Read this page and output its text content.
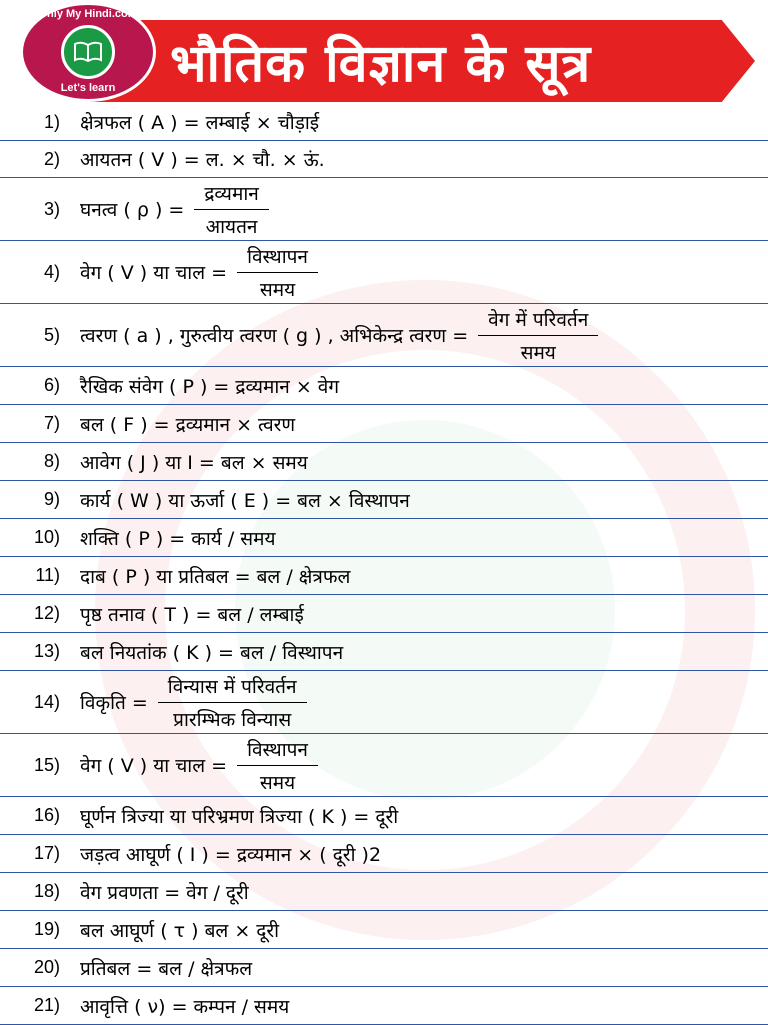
भौतिक विज्ञान के सूत्र
Only My Hindi.com
Let's learn
1) क्षेत्रफल ( A ) = लम्बाई × चौड़ाई
2) आयतन ( V ) = ल. × चौ. × ऊं.
3) घनत्व ( ρ ) = $\frac{\text{द्रव्यमान}}{\text{आयतन}}$
4) वेग ( V ) या चाल = $\frac{\text{विस्थापन}}{\text{समय}}$
5) त्वरण ( a ) , गुरुत्वीय त्वरण ( g ) , अभिकेन्द्र त्वरण = $\frac{\text{वेग में परिवर्तन}}{\text{समय}}$
6) रैखिक संवेग ( P ) = द्रव्यमान × वेग
7) बल ( F ) = द्रव्यमान × त्वरण
8) आवेग ( J ) या I = बल × समय
9) कार्य ( W ) या ऊर्जा ( E ) = बल × विस्थापन
10) शक्ति ( P ) = कार्य / समय
11) दाब ( P ) या प्रतिबल = बल / क्षेत्रफल
12) पृष्ठ तनाव ( T ) = बल / लम्बाई
13) बल नियतांक ( K ) = बल / विस्थापन
14) विकृति = $\frac{\text{विन्यास में परिवर्तन}}{\text{प्रारम्भिक विन्यास}}$
15) वेग ( V ) या चाल = $\frac{\text{विस्थापन}}{\text{समय}}$
16) घूर्णन त्रिज्या या परिभ्रमण त्रिज्या ( K ) = दूरी
17) जड़त्व आघूर्ण ( I ) = द्रव्यमान × ( दूरी )2
18) वेग प्रवणता = वेग / दूरी
19) बल आघूर्ण ( τ ) बल × दूरी
20) प्रतिबल = बल / क्षेत्रफल
21) आवृत्ति ( ν) = कम्पन / समय
